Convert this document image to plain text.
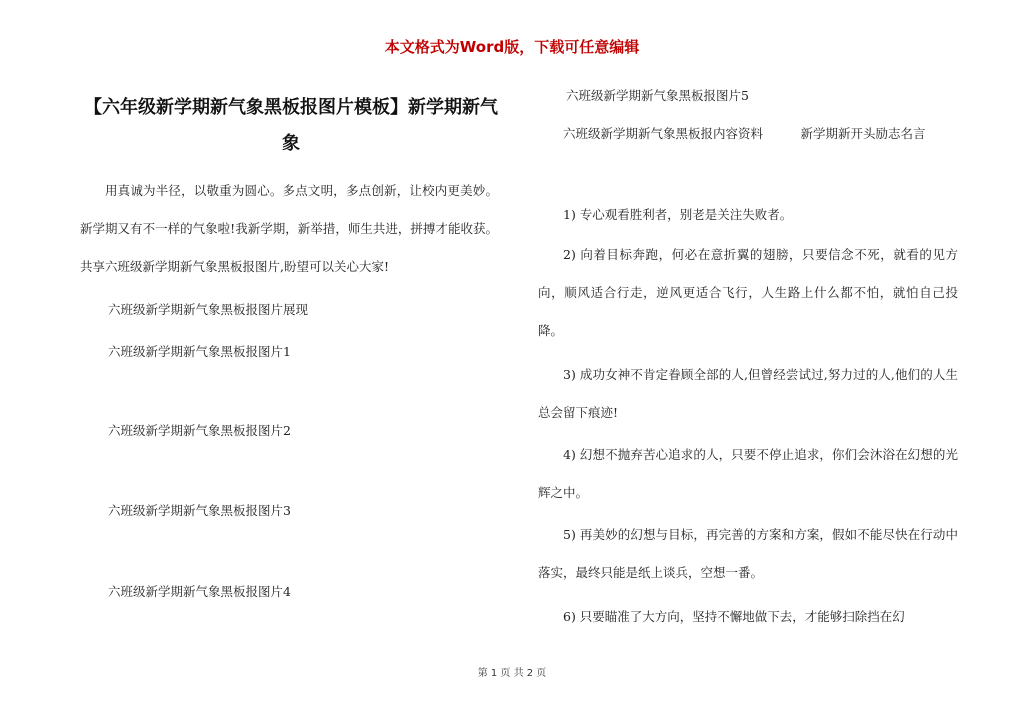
本文格式为Word版，下载可任意编辑
【六年级新学期新气象黑板报图片模板】新学期新气象
用真诚为半径，以敬重为圆心。多点文明，多点创新，让校内更美妙。新学期又有不一样的气象啦!我新学期，新举措，师生共进，拼搏才能收获。共享六班级新学期新气象黑板报图片,盼望可以关心大家!
六班级新学期新气象黑板报图片展现
六班级新学期新气象黑板报图片1
六班级新学期新气象黑板报图片2
六班级新学期新气象黑板报图片3
六班级新学期新气象黑板报图片4
六班级新学期新气象黑板报图片5
六班级新学期新气象黑板报内容资料　　　新学期新开头励志名言
1) 专心观看胜利者，别老是关注失败者。
2) 向着目标奔跑，何必在意折翼的翅膀，只要信念不死，就看的见方向，顺风适合行走，逆风更适合飞行，人生路上什么都不怕，就怕自己投降。
3) 成功女神不肯定眷顾全部的人,但曾经尝试过,努力过的人,他们的人生总会留下痕迹!
4) 幻想不抛弃苦心追求的人，只要不停止追求，你们会沐浴在幻想的光辉之中。
5) 再美妙的幻想与目标，再完善的方案和方案，假如不能尽快在行动中落实，最终只能是纸上谈兵，空想一番。
6) 只要瞄准了大方向，坚持不懈地做下去，才能够扫除挡在幻
第 1 页 共 2 页
